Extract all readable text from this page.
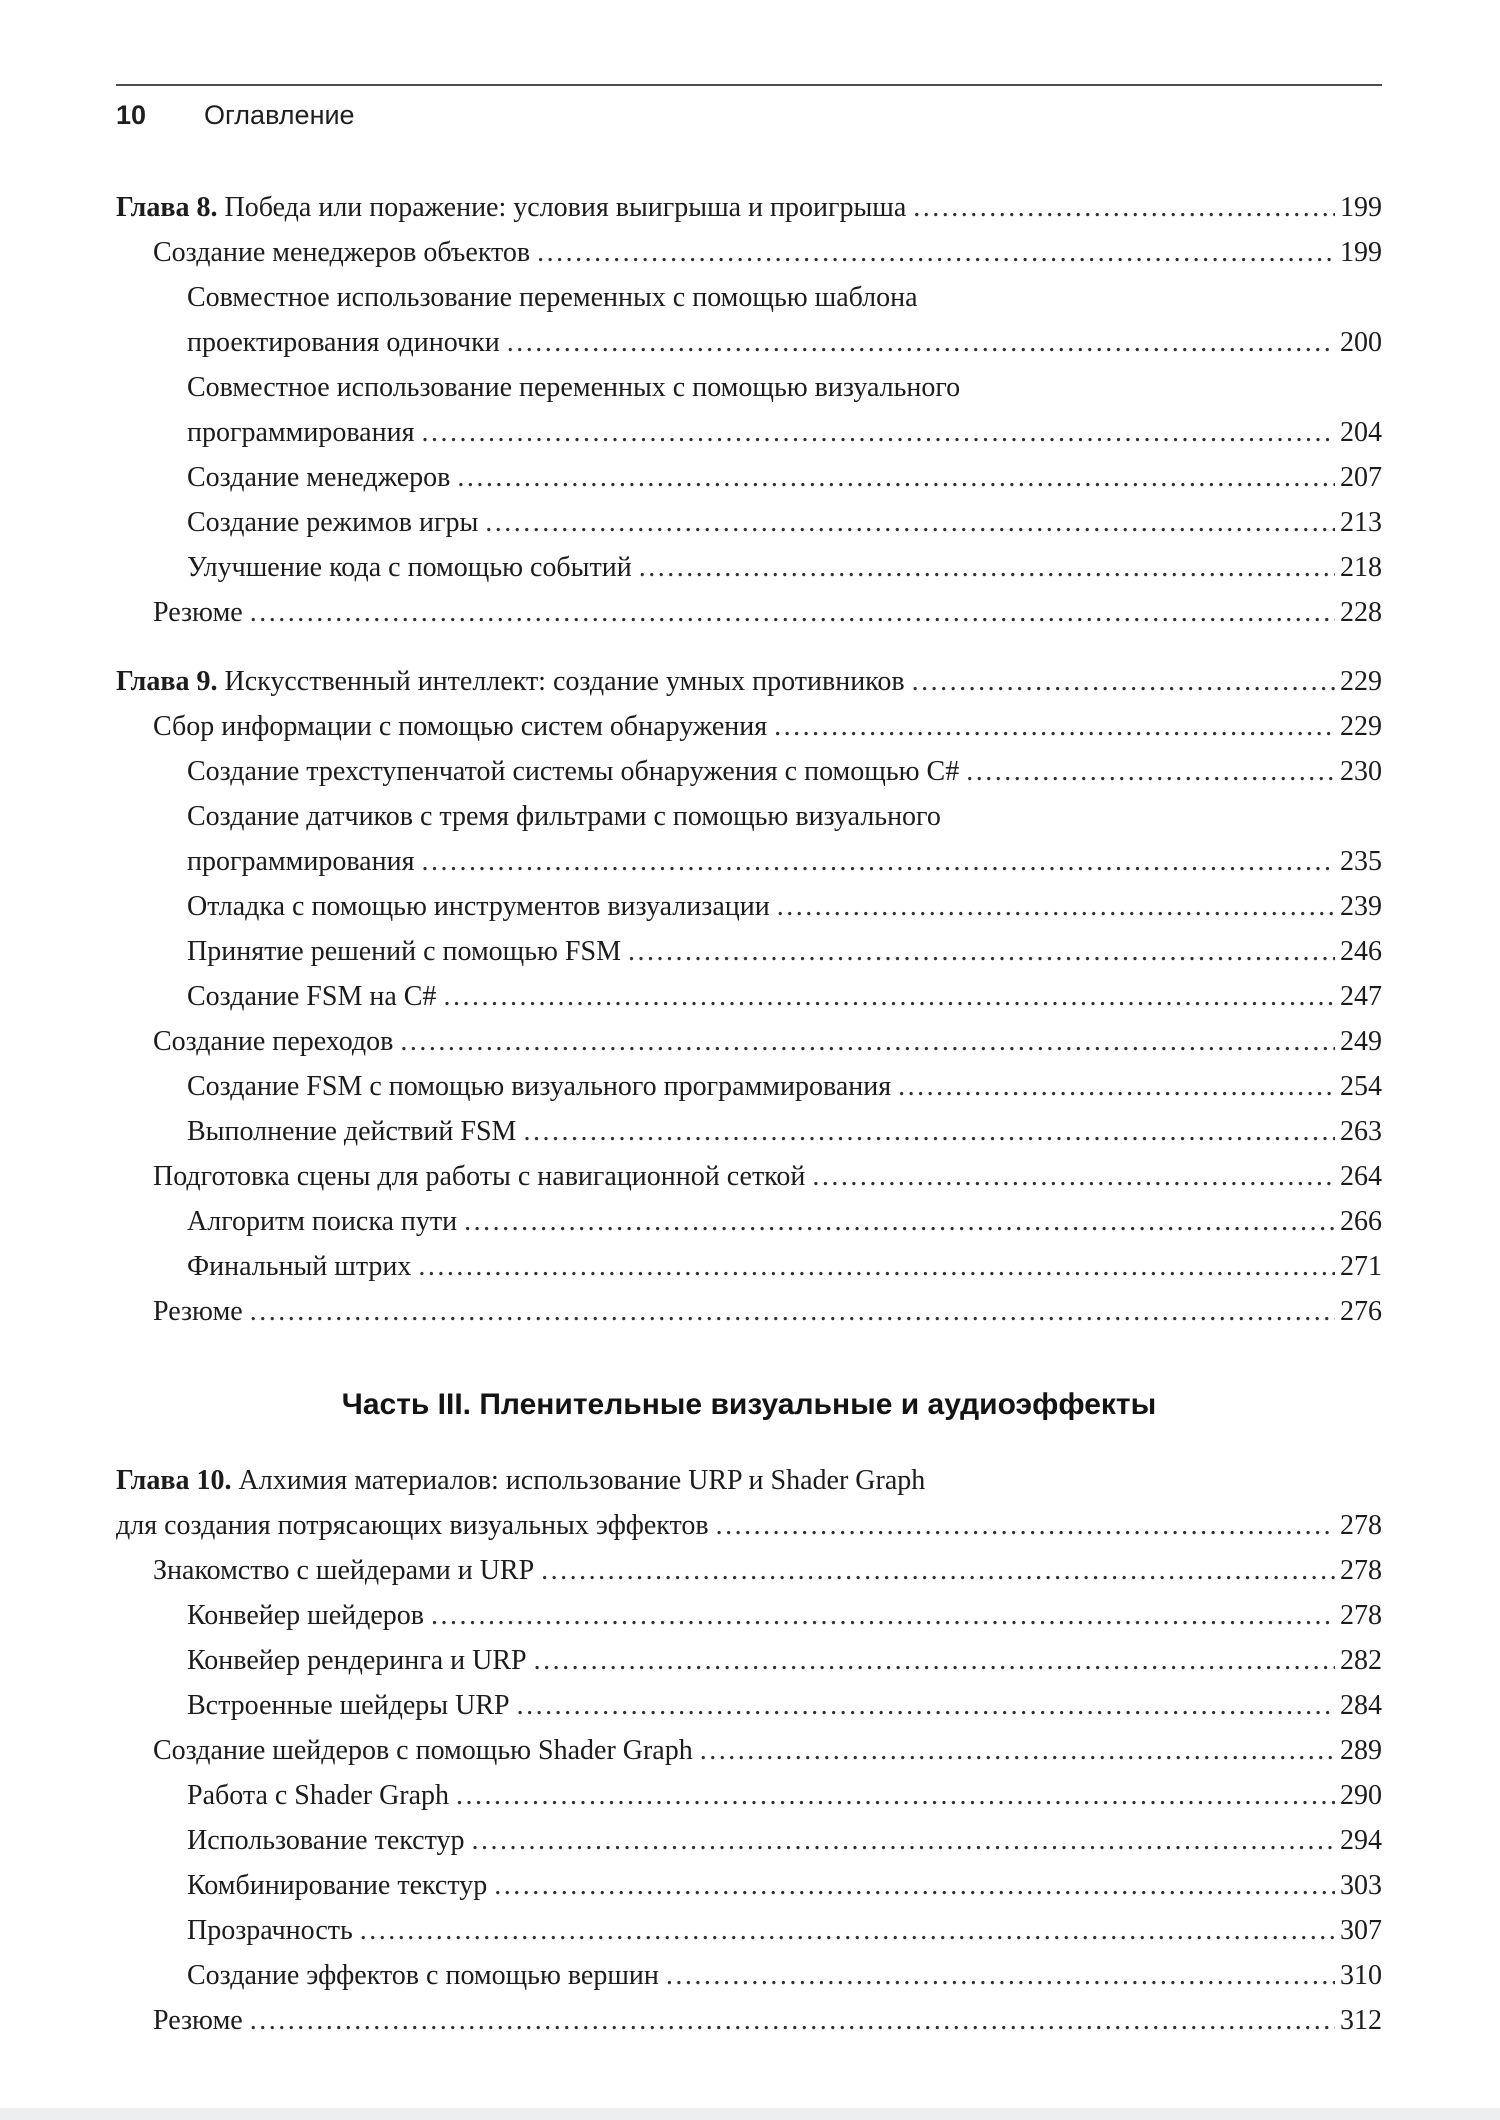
10 Оглавление
Глава 8. Победа или поражение: условия выигрыша и проигрыша .....	199
Создание менеджеров объектов .....	199
Совместное использование переменных с помощью шаблона
проектирования одиночки .....	200
Совместное использование переменных с помощью визуального
программирования .....	204
Создание менеджеров .....	207
Создание режимов игры .....	213
Улучшение кода с помощью событий .....	218
Резюме .....	228
Глава 9. Искусственный интеллект: создание умных противников .....	229
Сбор информации с помощью систем обнаружения .....	229
Создание трехступенчатой системы обнаружения с помощью C# .....	230
Создание датчиков с тремя фильтрами с помощью визуального
программирования .....	235
Отладка с помощью инструментов визуализации .....	239
Принятие решений с помощью FSM .....	246
Создание FSM на C# .....	247
Создание переходов .....	249
Создание FSM с помощью визуального программирования .....	254
Выполнение действий FSM .....	263
Подготовка сцены для работы с навигационной сеткой .....	264
Алгоритм поиска пути .....	266
Финальный штрих .....	271
Резюме .....	276
Часть III. Пленительные визуальные и аудиоэффекты
Глава 10. Алхимия материалов: использование URP и Shader Graph
для создания потрясающих визуальных эффектов .....	278
Знакомство с шейдерами и URP .....	278
Конвейер шейдеров .....	278
Конвейер рендеринга и URP .....	282
Встроенные шейдеры URP .....	284
Создание шейдеров с помощью Shader Graph .....	289
Работа с Shader Graph .....	290
Использование текстур .....	294
Комбинирование текстур .....	303
Прозрачность .....	307
Создание эффектов с помощью вершин .....	310
Резюме .....	312
